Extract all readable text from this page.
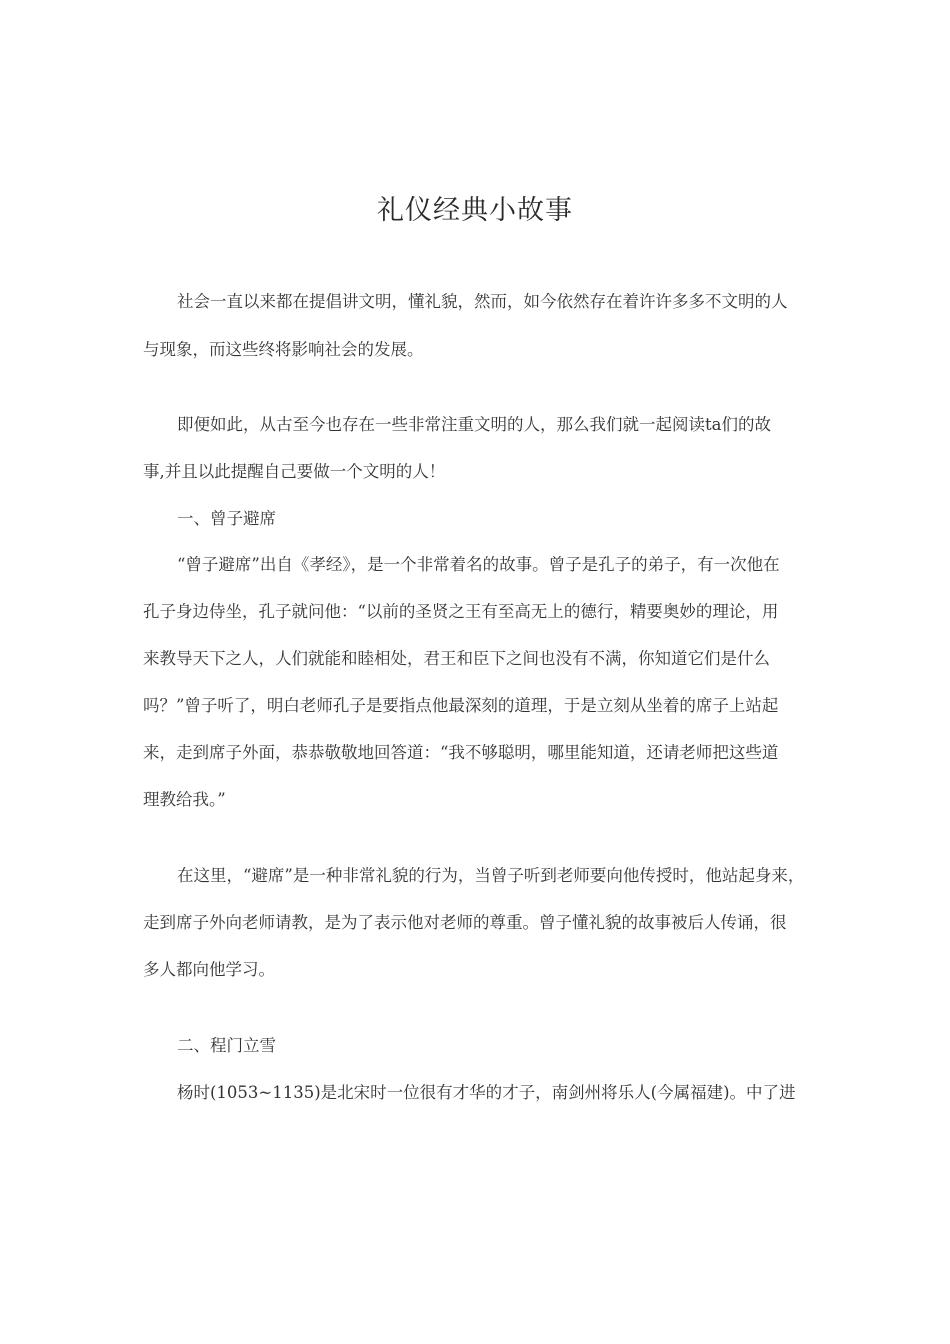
礼仪经典小故事

社会一直以来都在提倡讲文明，懂礼貌，然而，如今依然存在着许许多多不文明的人

与现象，而这些终将影响社会的发展。

即便如此，从古至今也存在一些非常注重文明的人，那么我们就一起阅读ta们的故

事,并且以此提醒自己要做一个文明的人！

一、曾子避席

“曾子避席”出自《孝经》，是一个非常着名的故事。曾子是孔子的弟子，有一次他在

孔子身边侍坐，孔子就问他：“以前的圣贤之王有至高无上的德行，精要奥妙的理论，用

来教导天下之人，人们就能和睦相处，君王和臣下之间也没有不满，你知道它们是什么

吗？”曾子听了，明白老师孔子是要指点他最深刻的道理，于是立刻从坐着的席子上站起

来，走到席子外面，恭恭敬敬地回答道：“我不够聪明，哪里能知道，还请老师把这些道

理教给我。”

在这里，“避席”是一种非常礼貌的行为，当曾子听到老师要向他传授时，他站起身来，

走到席子外向老师请教，是为了表示他对老师的尊重。曾子懂礼貌的故事被后人传诵，很

多人都向他学习。

二、程门立雪

杨时(1053~1135)是北宋时一位很有才华的才子，南剑州将乐人(今属福建)。中了进
